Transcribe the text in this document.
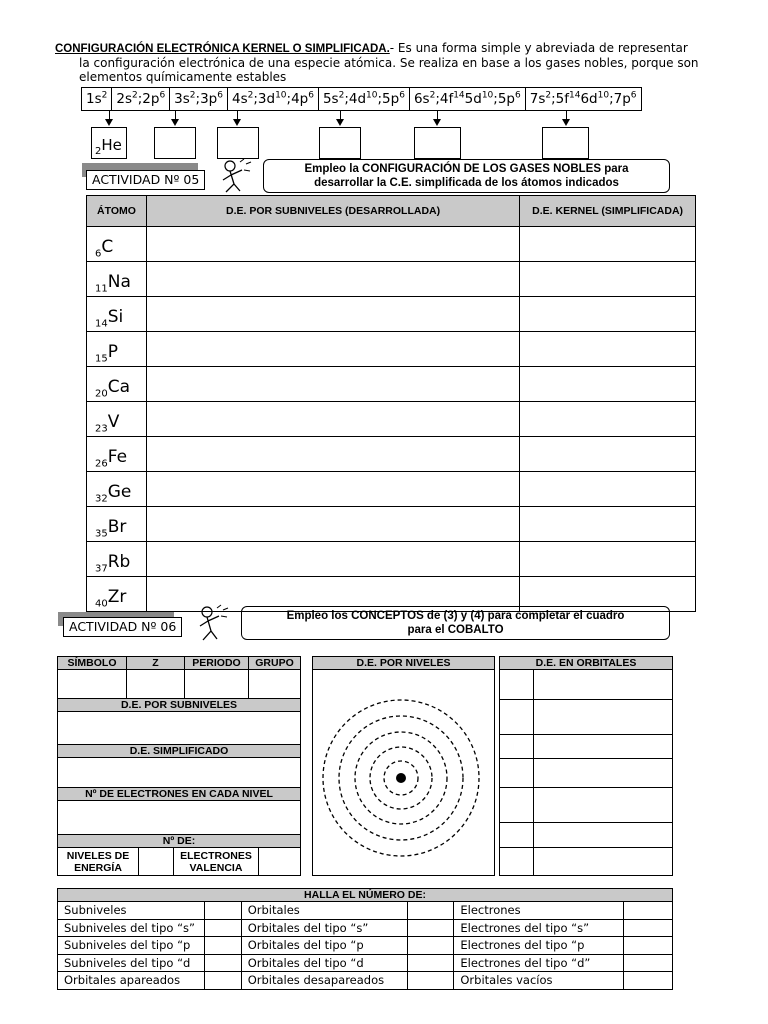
CONFIGURACIÓN ELECTRÓNICA KERNEL O SIMPLIFICADA.- Es una forma simple y abreviada de representar
la configuración electrónica de una especie atómica. Se realiza en base a los gases nobles, porque son
elementos químicamente estables
$1s^2$ $2s^2;2p^6$ $3s^2;3p^6$ $4s^2;3d^{10};4p^6$ $5s^2;4d^{10};5p^6$ $6s^2;4f^{14}5d^{10};5p^6$ $7s^2;5f^{14}6d^{10};7p^6$
$_2$He
ACTIVIDAD Nº 05
Empleo la CONFIGURACIÓN DE LOS GASES NOBLES para
desarrollar la C.E. simplificada de los átomos indicados
ÁTOMO	D.E. POR SUBNIVELES (DESARROLLADA)	D.E. KERNEL (SIMPLIFICADA)
$_6$C		
$_{11}$Na		
$_{14}$Si		
$_{15}$P		
$_{20}$Ca		
$_{23}$V		
$_{26}$Fe		
$_{32}$Ge		
$_{35}$Br		
$_{37}$Rb		
$_{40}$Zr		
ACTIVIDAD Nº 06
Empleo los CONCEPTOS de (3) y (4) para completar el cuadro
para el COBALTO
SÍMBOLO	Z	PERIODO	GRUPO
D.E. POR SUBNIVELES
D.E. SIMPLIFICADO
Nº DE ELECTRONES EN CADA NIVEL
Nº DE:
NIVELES DE ENERGÍA
ELECTRONES VALENCIA
D.E. POR NIVELES	D.E. EN ORBITALES
HALLA EL NÚMERO DE:					
Subniveles		Orbitales		Electrones	
Subniveles del tipo “s”		Orbitales del tipo “s”		Electrones del tipo “s”	
Subniveles del tipo “p		Orbitales del tipo “p		Electrones del tipo “p	
Subniveles del tipo “d		Orbitales del tipo “d		Electrones del tipo “d”	
Orbitales apareados		Orbitales desapareados		Orbitales vacíos	
